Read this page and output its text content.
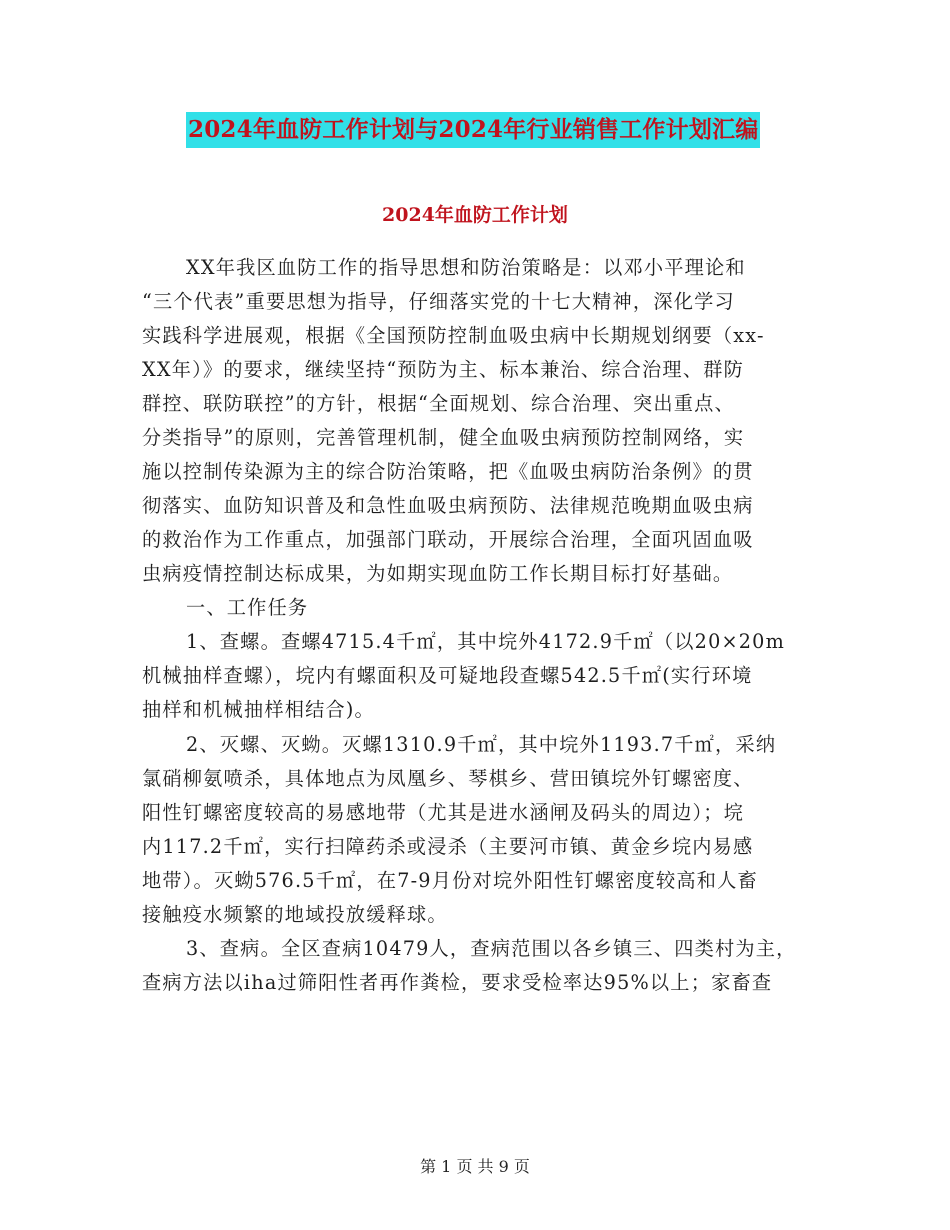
2024年血防工作计划与2024年行业销售工作计划汇编
2024年血防工作计划
XX年我区血防工作的指导思想和防治策略是：以邓小平理论和
“三个代表”重要思想为指导，仔细落实党的十七大精神，深化学习
实践科学进展观，根据《全国预防控制血吸虫病中长期规划纲要（xx-
XX年）》的要求，继续坚持“预防为主、标本兼治、综合治理、群防
群控、联防联控”的方针，根据“全面规划、综合治理、突出重点、
分类指导”的原则，完善管理机制，健全血吸虫病预防控制网络，实
施以控制传染源为主的综合防治策略，把《血吸虫病防治条例》的贯
彻落实、血防知识普及和急性血吸虫病预防、法律规范晚期血吸虫病
的救治作为工作重点，加强部门联动，开展综合治理，全面巩固血吸
虫病疫情控制达标成果，为如期实现血防工作长期目标打好基础。
一、工作任务
1、查螺。查螺4715.4千㎡，其中垸外4172.9千㎡（以20×20m
机械抽样查螺），垸内有螺面积及可疑地段查螺542.5千㎡(实行环境
抽样和机械抽样相结合)。
2、灭螺、灭蚴。灭螺1310.9千㎡，其中垸外1193.7千㎡，采纳
氯硝柳氨喷杀，具体地点为凤凰乡、琴棋乡、营田镇垸外钉螺密度、
阳性钉螺密度较高的易感地带（尤其是进水涵闸及码头的周边）；垸
内117.2千㎡，实行扫障药杀或浸杀（主要河市镇、黄金乡垸内易感
地带）。灭蚴576.5千㎡，在7-9月份对垸外阳性钉螺密度较高和人畜
接触疫水频繁的地域投放缓释球。
3、查病。全区查病10479人，查病范围以各乡镇三、四类村为主，
查病方法以iha过筛阳性者再作粪检，要求受检率达95%以上；家畜查
第 1 页 共 9 页
